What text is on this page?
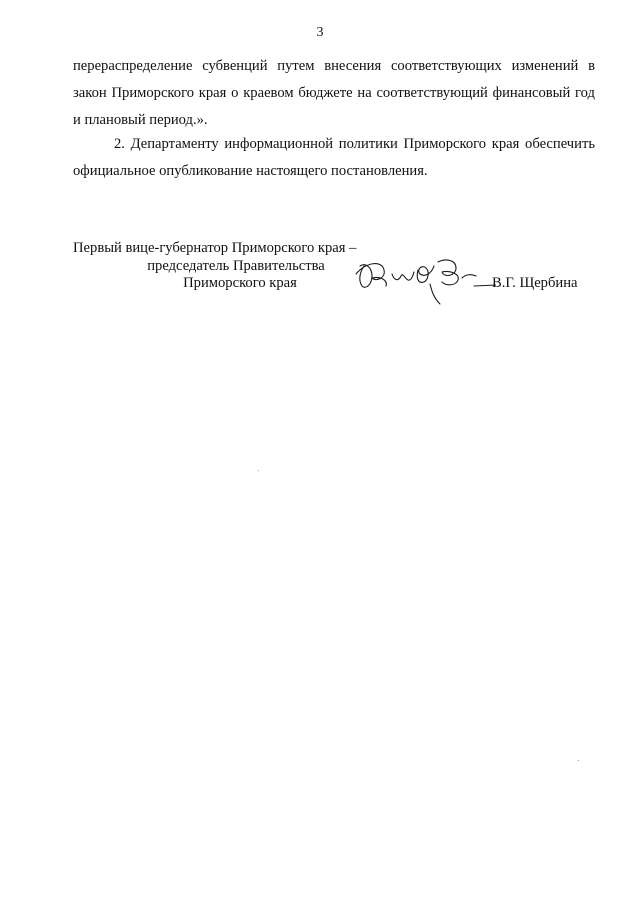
3
перераспределение субвенций путем внесения соответствующих изменений в закон Приморского края о краевом бюджете на соответствующий финансовый год и плановый период.».
2. Департаменту информационной политики Приморского края обеспечить официальное опубликование настоящего постановления.
Первый вице-губернатор Приморского края –
председатель Правительства
Приморского края	В.Г. Щербина
